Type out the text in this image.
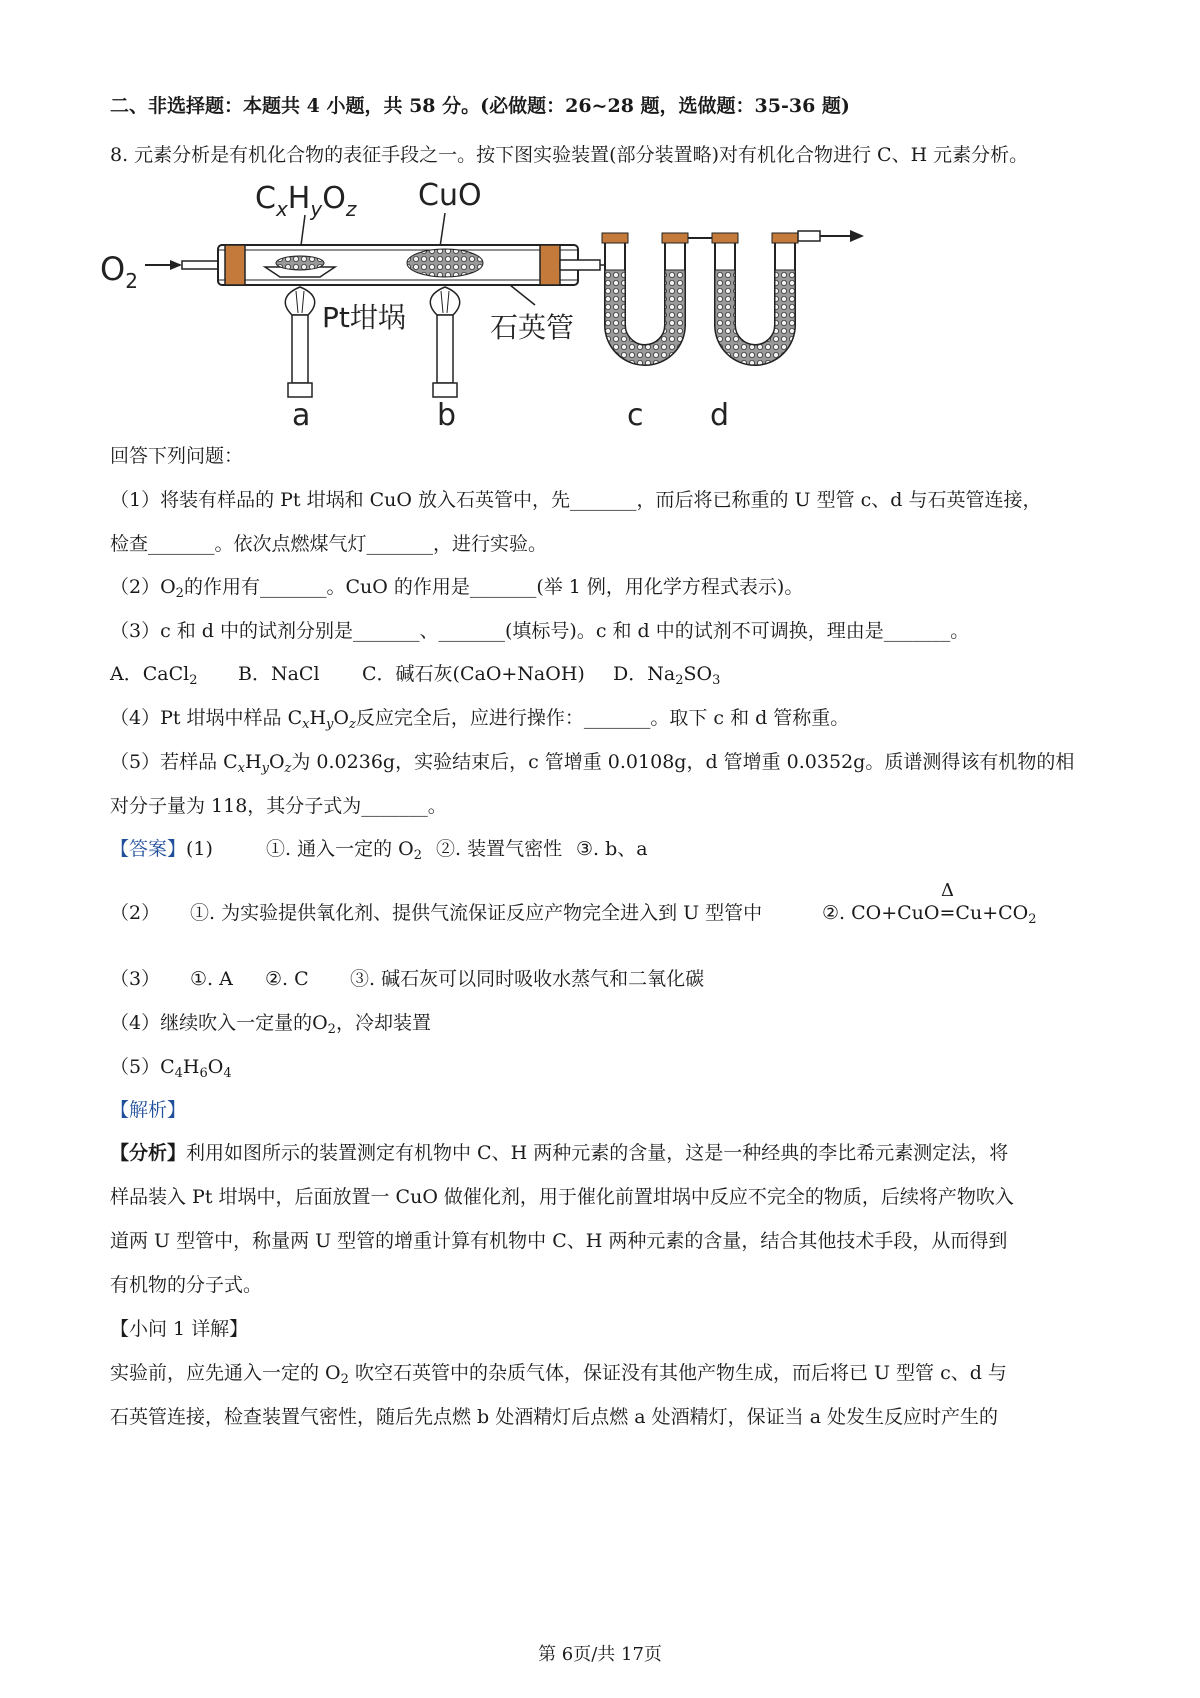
二、非选择题：本题共 4 小题，共 58 分。(必做题：26~28 题，选做题：35-36 题)
8. 元素分析是有机化合物的表征手段之一。按下图实验装置(部分装置略)对有机化合物进行 C、H 元素分析。
$C_xH_yO_z$ CuO
$O_2$
Pt坩埚	石英管
a	b	c d
回答下列问题：
（1）将装有样品的 Pt 坩埚和 CuO 放入石英管中，先_______，而后将已称重的 U 型管 c、d 与石英管连接，
检查_______。依次点燃煤气灯_______，进行实验。
$(2)O_2$的作用有_______。CuO 的作用是_______(举 1 例，用化学方程式表示)。
（3）c 和 d 中的试剂分别是_______、_______(填标号)。c 和 d 中的试剂不可调换，理由是_______。
A．CaCl$_2$ B．NaCl C．碱石灰(CaO+NaOH) D．$Na_2SO_3$
（4）Pt 坩埚中样品 $C_xH_yO_z$反应完全后，应进行操作：_______。取下 c 和 d 管称重。
（5）若样品 $C_xH_yO_z$为 0.0236g，实验结束后，c 管增重 0.0108g，d 管增重 0.0352g。质谱测得该有机物的相
对分子量为 118，其分子式为_______。
【答案】(1)	①. 通入一定的 $O_2$ ②. 装置气密性 ③. b、a
（2） ①. 为实验提供氧化剂、提供气流保证反应产物完全进入到 U 型管中	②. CO+CuO
Δ
$=Cu+CO_2$
（3） ①. A ②. C ③. 碱石灰可以同时吸收水蒸气和二氧化碳
（4）继续吹入一定量的$O_2$，冷却装置
$(5)C_4H_6O_4$
【解析】
【分析】利用如图所示的装置测定有机物中 C、H 两种元素的含量，这是一种经典的李比希元素测定法，将
样品装入 Pt 坩埚中，后面放置一 CuO 做催化剂，用于催化前置坩埚中反应不完全的物质，后续将产物吹入
道两 U 型管中，称量两 U 型管的增重计算有机物中 C、H 两种元素的含量，结合其他技术手段，从而得到
有机物的分子式。
【小问 1 详解】
实验前，应先通入一定的 $O_2$ 吹空石英管中的杂质气体，保证没有其他产物生成，而后将已 U 型管 c、d 与
石英管连接，检查装置气密性，随后先点燃 b 处酒精灯后点燃 a 处酒精灯，保证当 a 处发生反应时产生的
第 6页/共 17页
